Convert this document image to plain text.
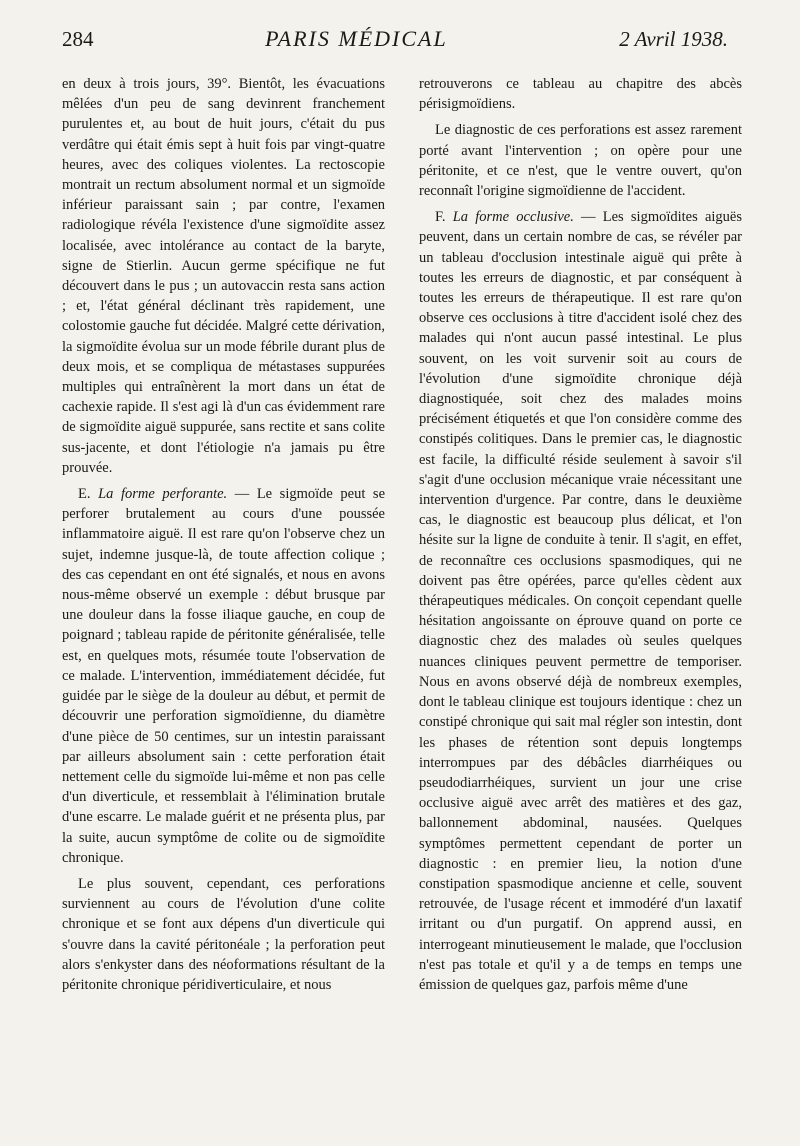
284	PARIS MÉDICAL	2 Avril 1938.

en deux à trois jours, 39°. Bientôt, les évacuations mêlées d'un peu de sang devinrent franchement purulentes et, au bout de huit jours, c'était du pus verdâtre qui était émis sept à huit fois par vingt-quatre heures, avec des coliques violentes. La rectoscopie montrait un rectum absolument normal et un sigmoïde inférieur paraissant sain ; par contre, l'examen radiologique révéla l'existence d'une sigmoïdite assez localisée, avec intolérance au contact de la baryte, signe de Stierlin. Aucun germe spécifique ne fut découvert dans le pus ; un autovaccin resta sans action ; et, l'état général déclinant très rapidement, une colostomie gauche fut décidée. Malgré cette dérivation, la sigmoïdite évolua sur un mode fébrile durant plus de deux mois, et se compliqua de métastases suppurées multiples qui entraînèrent la mort dans un état de cachexie rapide. Il s'est agi là d'un cas évidemment rare de sigmoïdite aiguë suppurée, sans rectite et sans colite sus-jacente, et dont l'étiologie n'a jamais pu être prouvée.

E. La forme perforante. — Le sigmoïde peut se perforer brutalement au cours d'une poussée inflammatoire aiguë. Il est rare qu'on l'observe chez un sujet, indemne jusque-là, de toute affection colique ; des cas cependant en ont été signalés, et nous en avons nous-même observé un exemple : début brusque par une douleur dans la fosse iliaque gauche, en coup de poignard ; tableau rapide de péritonite généralisée, telle est, en quelques mots, résumée toute l'observation de ce malade. L'intervention, immédiatement décidée, fut guidée par le siège de la douleur au début, et permit de découvrir une perforation sigmoïdienne, du diamètre d'une pièce de 50 centimes, sur un intestin paraissant par ailleurs absolument sain : cette perforation était nettement celle du sigmoïde lui-même et non pas celle d'un diverticule, et ressemblait à l'élimination brutale d'une escarre. Le malade guérit et ne présenta plus, par la suite, aucun symptôme de colite ou de sigmoïdite chronique.

Le plus souvent, cependant, ces perforations surviennent au cours de l'évolution d'une colite chronique et se font aux dépens d'un diverticule qui s'ouvre dans la cavité péritonéale ; la perforation peut alors s'enkyster dans des néoformations résultant de la péritonite chronique péridiverticulaire, et nous

retrouverons ce tableau au chapitre des abcès périsigmoïdiens.

Le diagnostic de ces perforations est assez rarement porté avant l'intervention ; on opère pour une péritonite, et ce n'est, que le ventre ouvert, qu'on reconnaît l'origine sigmoïdienne de l'accident.

F. La forme occlusive. — Les sigmoïdites aiguës peuvent, dans un certain nombre de cas, se révéler par un tableau d'occlusion intestinale aiguë qui prête à toutes les erreurs de diagnostic, et par conséquent à toutes les erreurs de thérapeutique. Il est rare qu'on observe ces occlusions à titre d'accident isolé chez des malades qui n'ont aucun passé intestinal. Le plus souvent, on les voit survenir soit au cours de l'évolution d'une sigmoïdite chronique déjà diagnostiquée, soit chez des malades moins précisément étiquetés et que l'on considère comme des constipés colitiques. Dans le premier cas, le diagnostic est facile, la difficulté réside seulement à savoir s'il s'agit d'une occlusion mécanique vraie nécessitant une intervention d'urgence. Par contre, dans le deuxième cas, le diagnostic est beaucoup plus délicat, et l'on hésite sur la ligne de conduite à tenir. Il s'agit, en effet, de reconnaître ces occlusions spasmodiques, qui ne doivent pas être opérées, parce qu'elles cèdent aux thérapeutiques médicales. On conçoit cependant quelle hésitation angoissante on éprouve quand on porte ce diagnostic chez des malades où seules quelques nuances cliniques peuvent permettre de temporiser. Nous en avons observé déjà de nombreux exemples, dont le tableau clinique est toujours identique : chez un constipé chronique qui sait mal régler son intestin, dont les phases de rétention sont depuis longtemps interrompues par des débâcles diarrhéiques ou pseudodiarrhéiques, survient un jour une crise occlusive aiguë avec arrêt des matières et des gaz, ballonnement abdominal, nausées. Quelques symptômes permettent cependant de porter un diagnostic : en premier lieu, la notion d'une constipation spasmodique ancienne et celle, souvent retrouvée, de l'usage récent et immodéré d'un laxatif irritant ou d'un purgatif. On apprend aussi, en interrogeant minutieusement le malade, que l'occlusion n'est pas totale et qu'il y a de temps en temps une émission de quelques gaz, parfois même d'une
